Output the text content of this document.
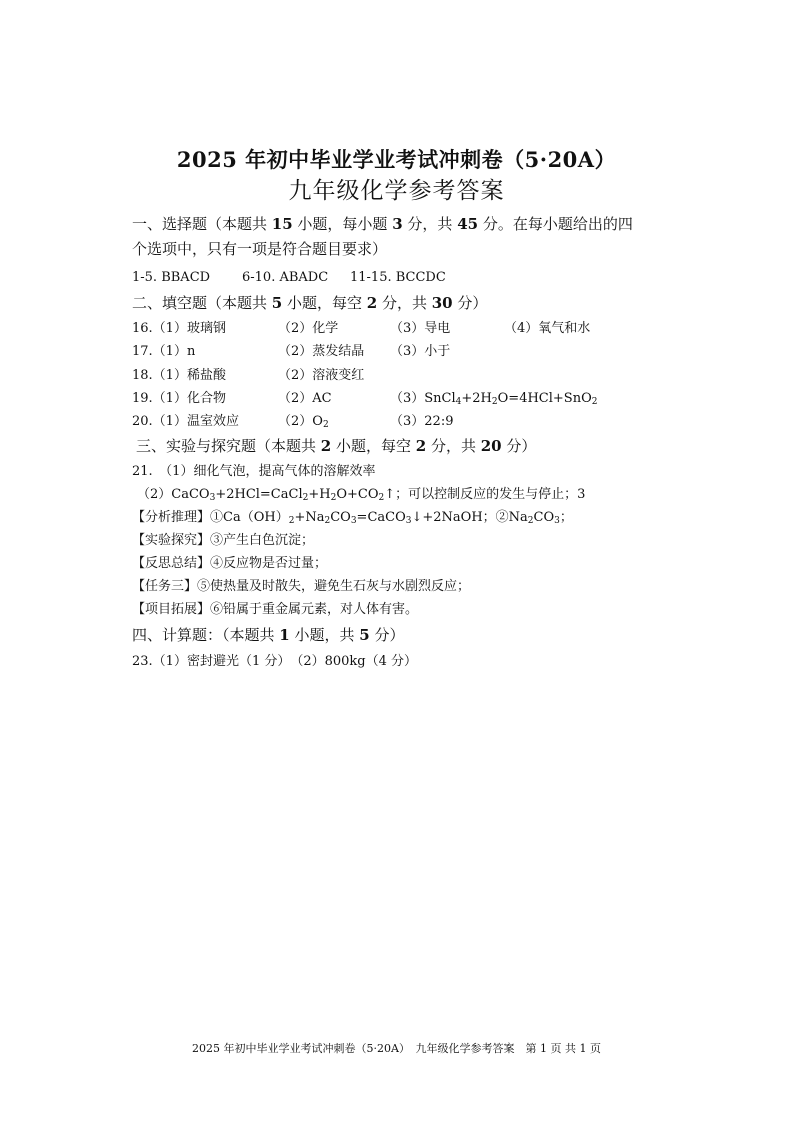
2025 年初中毕业学业考试冲刺卷（5·20A）
九年级化学参考答案
一、选择题（本题共 15 小题，每小题 3 分，共 45 分。在每小题给出的四
个选项中，只有一项是符合题目要求）
1-5. BBACD 6-10. ABADC 11-15. BCCDC
二、填空题（本题共 5 小题，每空 2 分，共 30 分）
16.（1）玻璃钢	（2）化学	（3）导电	（4）氧气和水
17.（1）n	（2）蒸发结晶 （3）小于
18.（1）稀盐酸	（2）溶液变红
19.（1）化合物	（2）AC	$(3)SnCl_4+2H_2O=4HCl+SnO_2$
20.（1）温室效应	$(2)O_2$	（3）22:9
三、实验与探究题（本题共 2 小题，每空 2 分，共 20 分）
21.　（1）细化气泡，提高气体的溶解效率
$(2)CaCO_3+2HCl=CaCl_2+H_2O+CO_2↑$；可以控制反应的发生与停止；3
【分析推理】$①Ca(OH)_2+Na_2CO_3=CaCO_3↓+2NaOH$；$②Na_2CO_3$；
【实验探究】③产生白色沉淀；
【反思总结】④反应物是否过量；
【任务三】⑤使热量及时散失，避免生石灰与水剧烈反应；
【项目拓展】⑥铅属于重金属元素，对人体有害。
四、计算题：（本题共 1 小题，共 5 分）
23.（1）密封避光（1 分）　（2）800kg（4 分）
2025 年初中毕业学业考试冲刺卷（5·20A）　九年级化学参考答案　第 1 页 共 1 页
